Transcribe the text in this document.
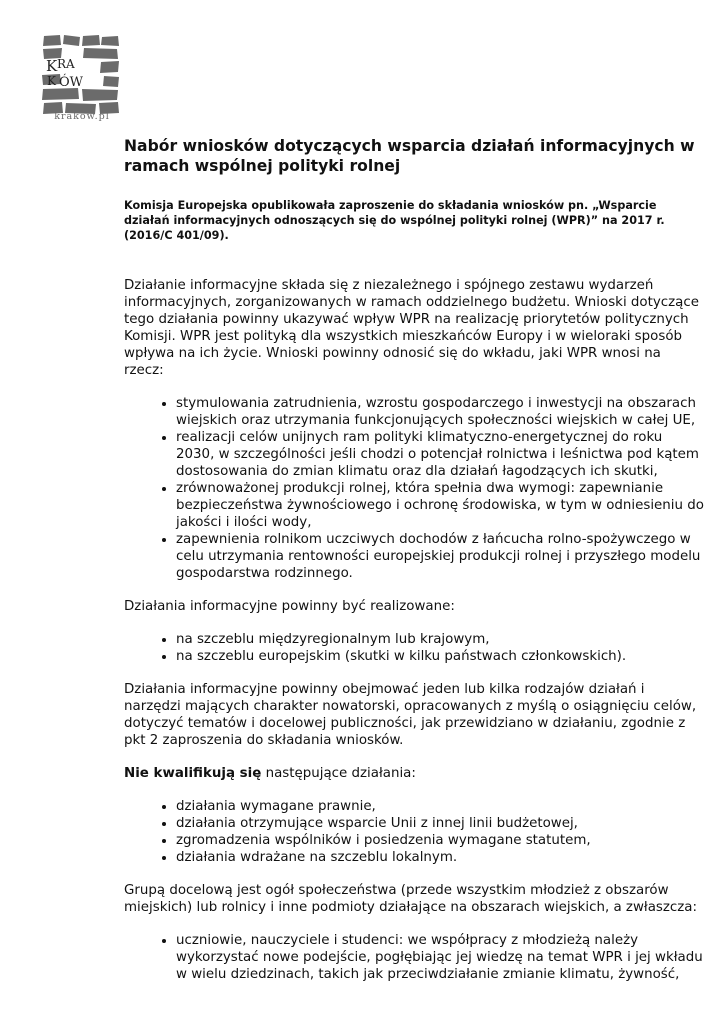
K RA
K ÓW
krakow.pl
Nabór wniosków dotyczących wsparcia działań informacyjnych w ramach wspólnej polityki rolnej
Komisja Europejska opublikowała zaproszenie do składania wniosków pn. „Wsparcie działań informacyjnych odnoszących się do wspólnej polityki rolnej (WPR)” na 2017 r. (2016/C 401/09).

Działanie informacyjne składa się z niezależnego i spójnego zestawu wydarzeń informacyjnych, zorganizowanych w ramach oddzielnego budżetu. Wnioski dotyczące tego działania powinny ukazywać wpływ WPR na realizację priorytetów politycznych Komisji. WPR jest polityką dla wszystkich mieszkańców Europy i w wieloraki sposób wpływa na ich życie. Wnioski powinny odnosić się do wkładu, jaki WPR wnosi na rzecz:

• stymulowania zatrudnienia, wzrostu gospodarczego i inwestycji na obszarach wiejskich oraz utrzymania funkcjonujących społeczności wiejskich w całej UE,
• realizacji celów unijnych ram polityki klimatyczno-energetycznej do roku 2030, w szczególności jeśli chodzi o potencjał rolnictwa i leśnictwa pod kątem dostosowania do zmian klimatu oraz dla działań łagodzących ich skutki,
• zrównoważonej produkcji rolnej, która spełnia dwa wymogi: zapewnianie bezpieczeństwa żywnościowego i ochronę środowiska, w tym w odniesieniu do jakości i ilości wody,
• zapewnienia rolnikom uczciwych dochodów z łańcucha rolno-spożywczego w celu utrzymania rentowności europejskiej produkcji rolnej i przyszłego modelu gospodarstwa rodzinnego.

Działania informacyjne powinny być realizowane:

• na szczeblu międzyregionalnym lub krajowym,
• na szczeblu europejskim (skutki w kilku państwach członkowskich).

Działania informacyjne powinny obejmować jeden lub kilka rodzajów działań i narzędzi mających charakter nowatorski, opracowanych z myślą o osiągnięciu celów, dotyczyć tematów i docelowej publiczności, jak przewidziano w działaniu, zgodnie z pkt 2 zaproszenia do składania wniosków.

Nie kwalifikują się następujące działania:

• działania wymagane prawnie,
• działania otrzymujące wsparcie Unii z innej linii budżetowej,
• zgromadzenia wspólników i posiedzenia wymagane statutem,
• działania wdrażane na szczeblu lokalnym.

Grupą docelową jest ogół społeczeństwa (przede wszystkim młodzież z obszarów miejskich) lub rolnicy i inne podmioty działające na obszarach wiejskich, a zwłaszcza:

• uczniowie, nauczyciele i studenci: we współpracy z młodzieżą należy wykorzystać nowe podejście, pogłębiając jej wiedzę na temat WPR i jej wkładu w wielu dziedzinach, takich jak przeciwdziałanie zmianie klimatu, żywność,
